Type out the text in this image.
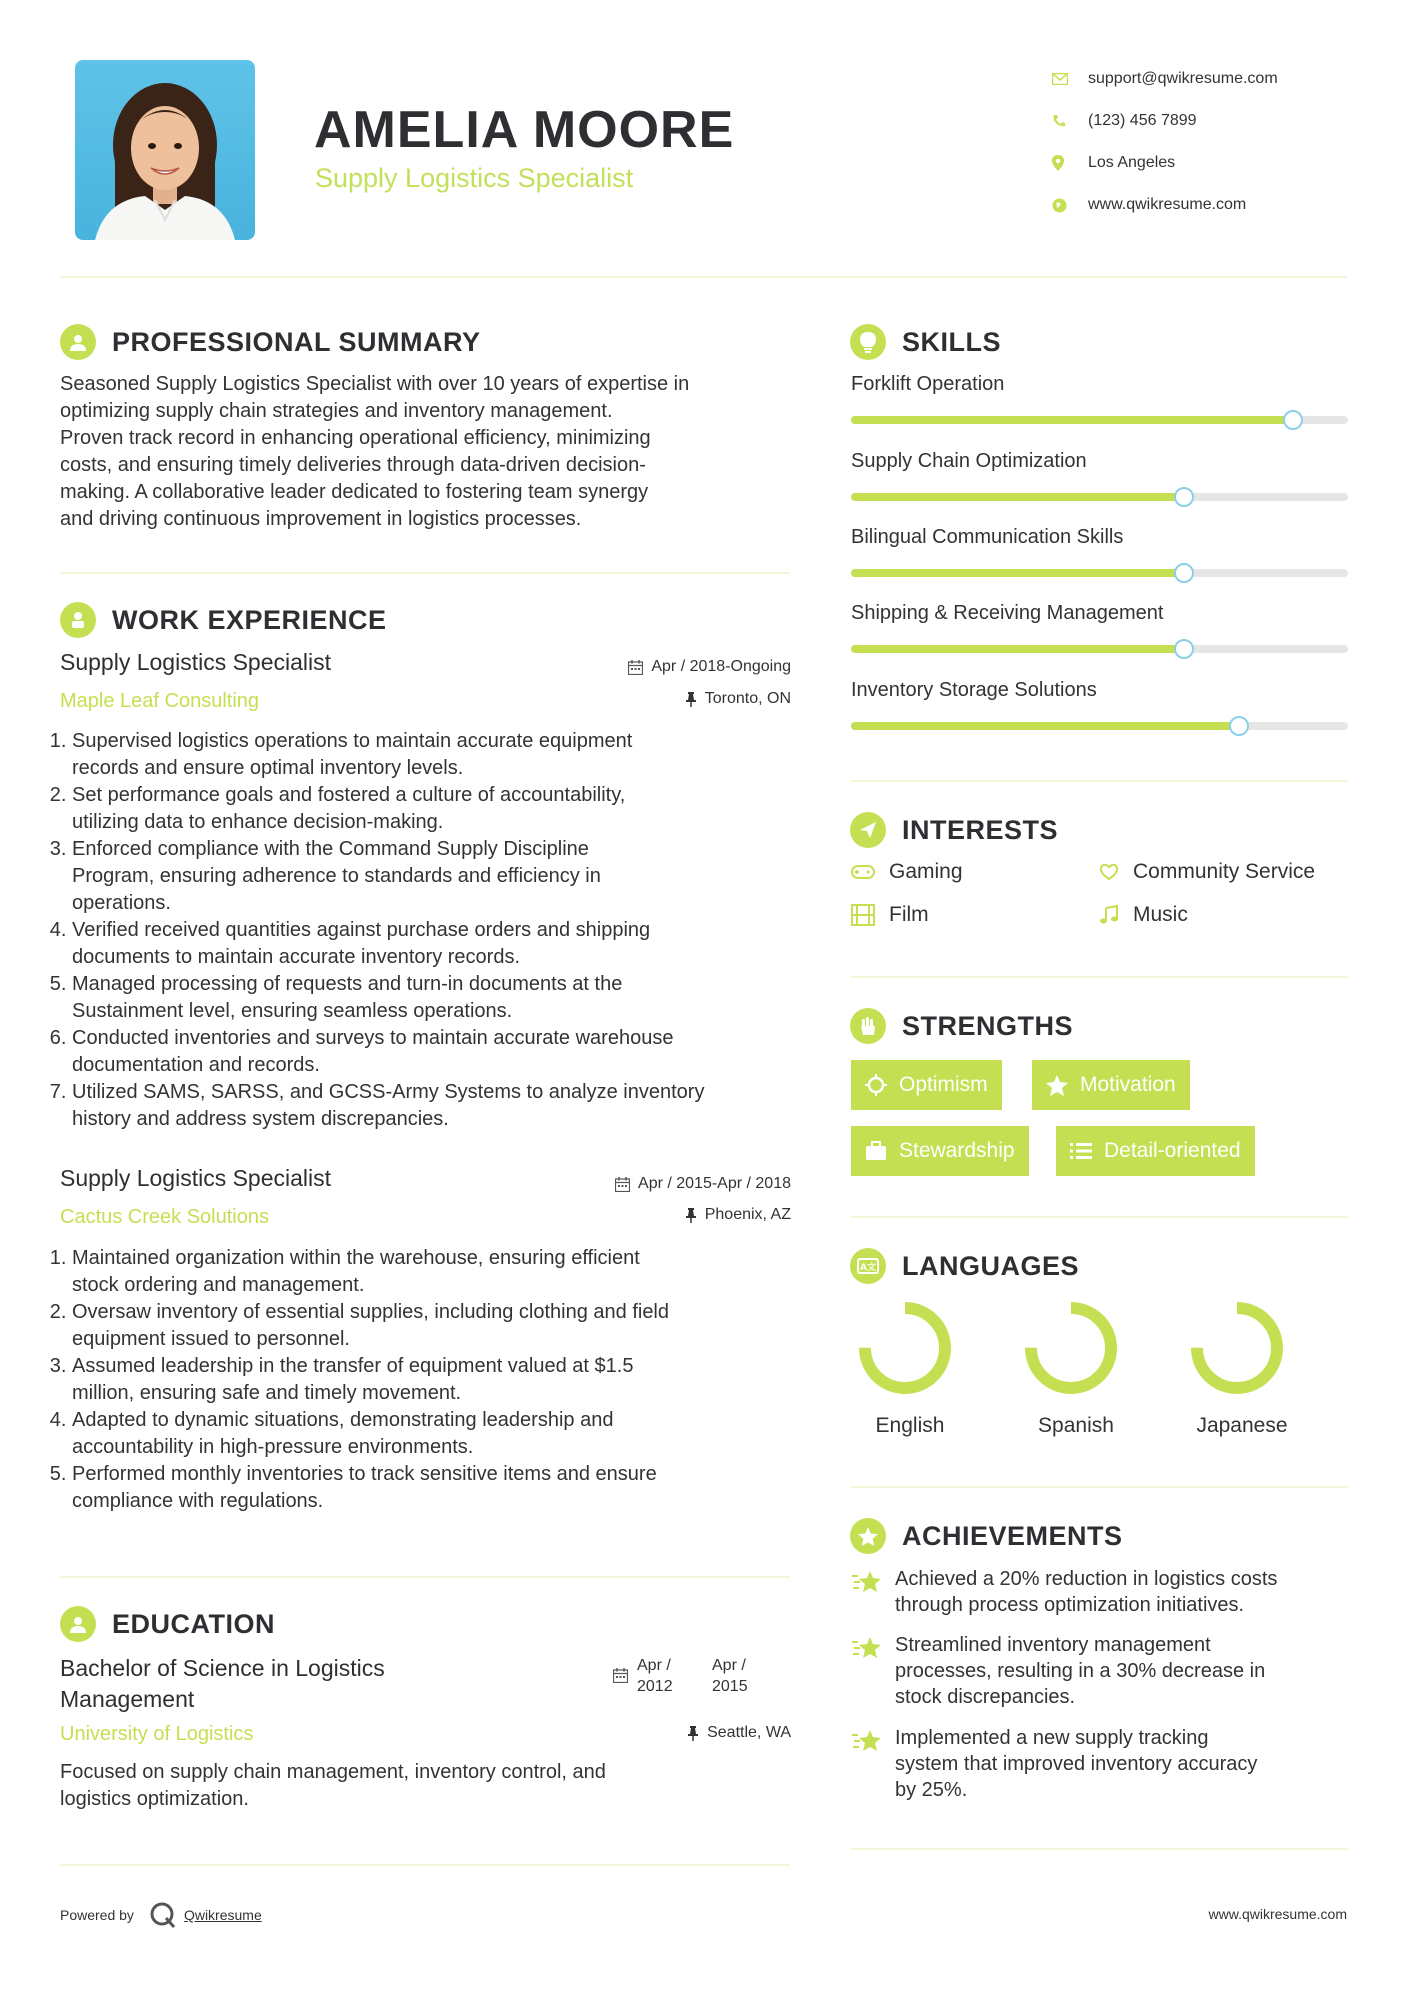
AMELIA MOORE
Supply Logistics Specialist
support@qwikresume.com
(123) 456 7899
Los Angeles
www.qwikresume.com
PROFESSIONAL SUMMARY
Seasoned Supply Logistics Specialist with over 10 years of expertise in
optimizing supply chain strategies and inventory management.
Proven track record in enhancing operational efficiency, minimizing
costs, and ensuring timely deliveries through data-driven decision-
making. A collaborative leader dedicated to fostering team synergy
and driving continuous improvement in logistics processes.
WORK EXPERIENCE
Supply Logistics Specialist
Maple Leaf Consulting
Apr / 2018-Ongoing
Toronto, ON
1. Supervised logistics operations to maintain accurate equipment
records and ensure optimal inventory levels.
2. Set performance goals and fostered a culture of accountability,
utilizing data to enhance decision-making.
3. Enforced compliance with the Command Supply Discipline
Program, ensuring adherence to standards and efficiency in
operations.
4. Verified received quantities against purchase orders and shipping
documents to maintain accurate inventory records.
5. Managed processing of requests and turn-in documents at the
Sustainment level, ensuring seamless operations.
6. Conducted inventories and surveys to maintain accurate warehouse
documentation and records.
7. Utilized SAMS, SARSS, and GCSS-Army Systems to analyze inventory
history and address system discrepancies.
Supply Logistics Specialist
Cactus Creek Solutions
Apr / 2015-Apr / 2018
Phoenix, AZ
1. Maintained organization within the warehouse, ensuring efficient
stock ordering and management.
2. Oversaw inventory of essential supplies, including clothing and field
equipment issued to personnel.
3. Assumed leadership in the transfer of equipment valued at $1.5
million, ensuring safe and timely movement.
4. Adapted to dynamic situations, demonstrating leadership and
accountability in high-pressure environments.
5. Performed monthly inventories to track sensitive items and ensure
compliance with regulations.
EDUCATION
Bachelor of Science in Logistics
Management
University of Logistics
Apr /
2012
Apr /
2015
Seattle, WA
Focused on supply chain management, inventory control, and
logistics optimization.
SKILLS
Forklift Operation
Supply Chain Optimization
Bilingual Communication Skills
Shipping & Receiving Management
Inventory Storage Solutions
INTERESTS
Gaming	Community Service
Film	Music
STRENGTHS
Optimism	Motivation
Stewardship	Detail-oriented
A文 LANGUAGES
English	Spanish	Japanese
ACHIEVEMENTS
Achieved a 20% reduction in logistics costs
through process optimization initiatives.
Streamlined inventory management
processes, resulting in a 30% decrease in
stock discrepancies.
Implemented a new supply tracking
system that improved inventory accuracy
by 25%.
Powered by	Qwikresume	www.qwikresume.com
